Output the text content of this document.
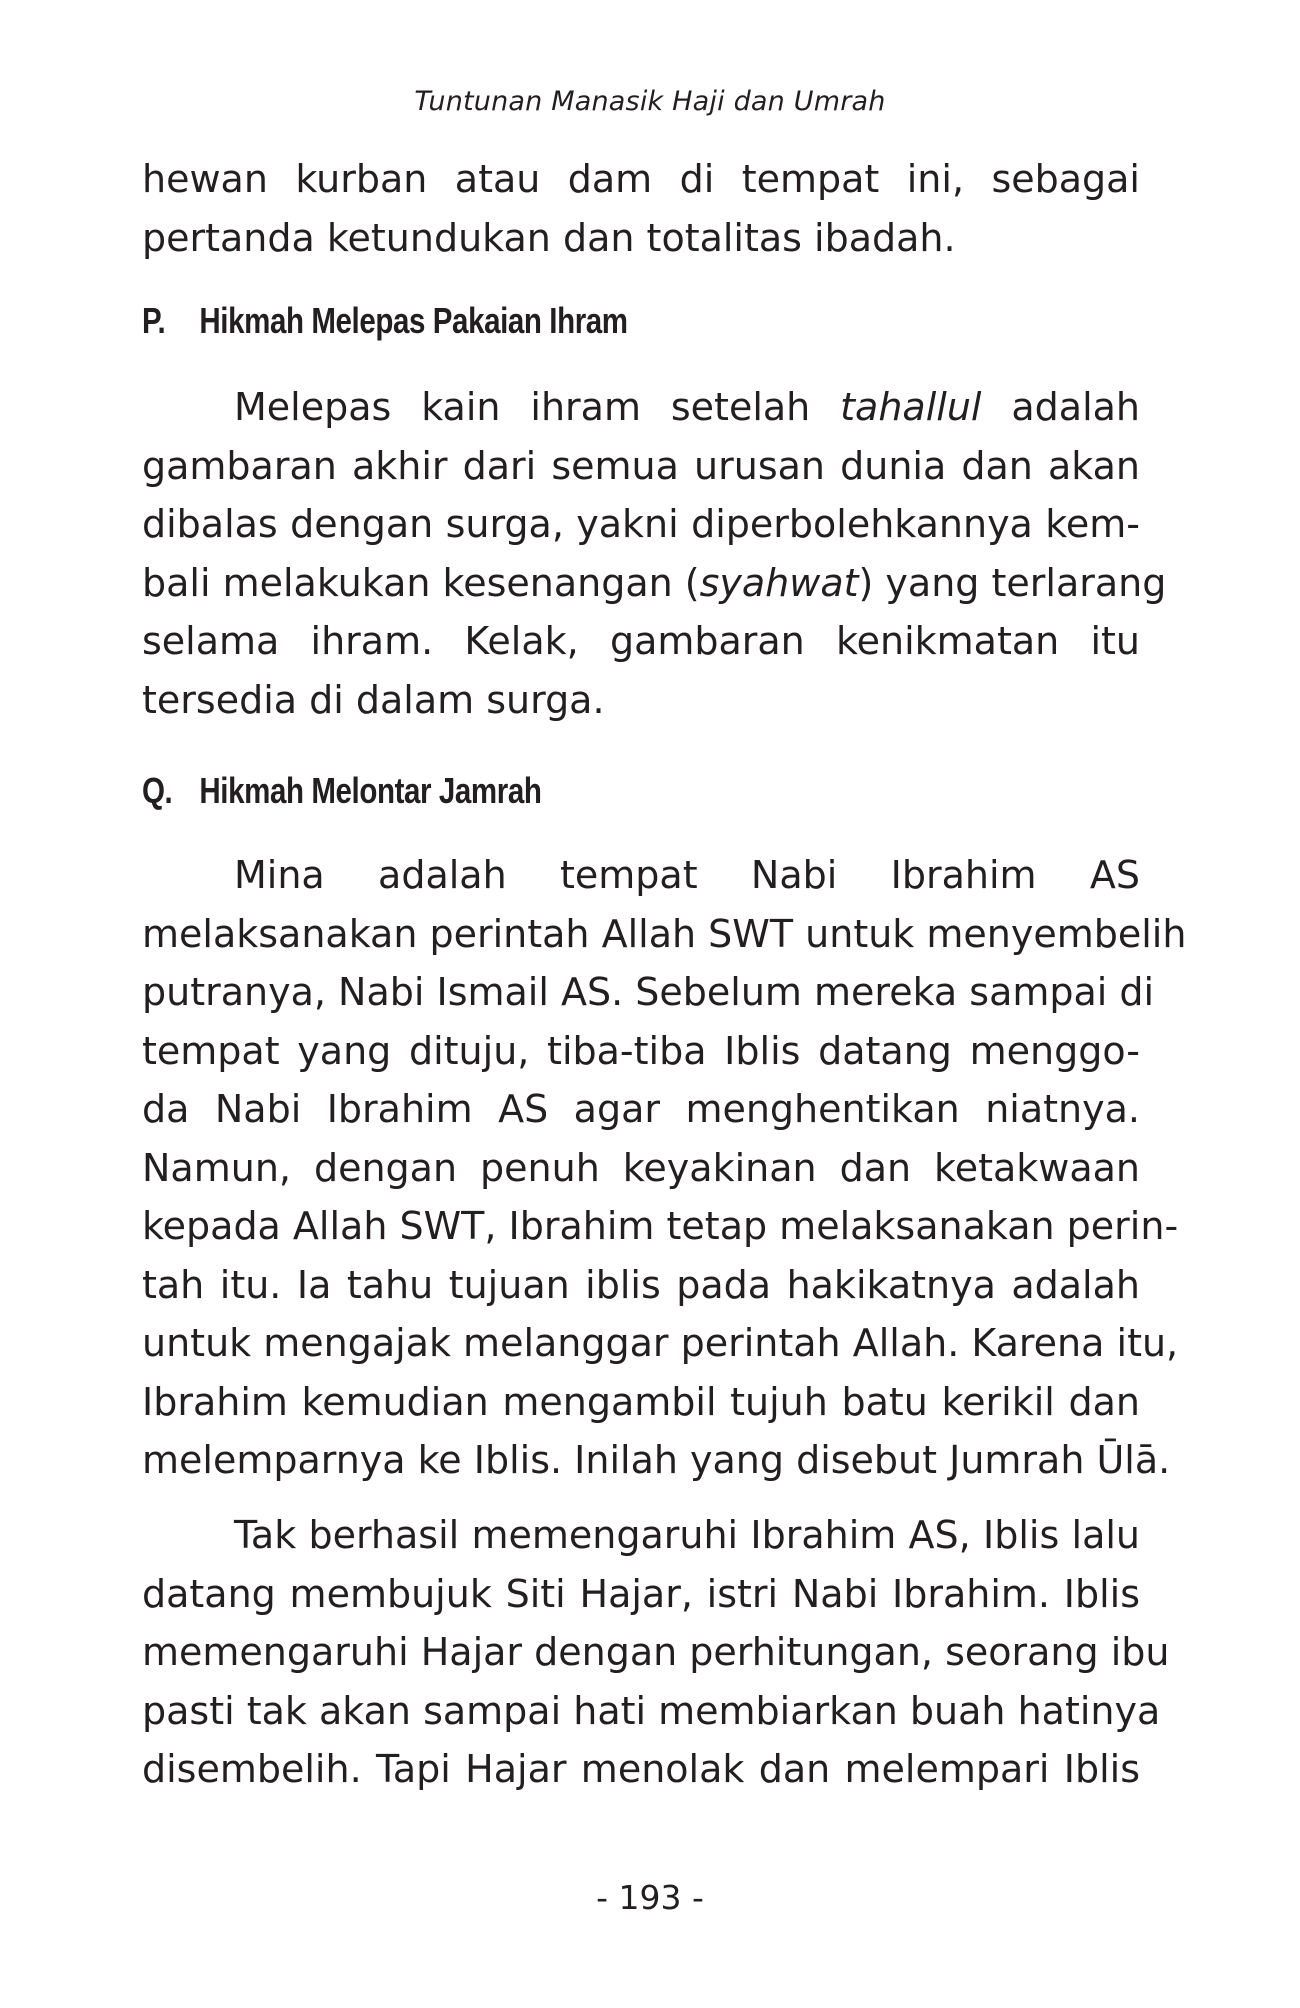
Tuntunan Manasik Haji dan Umrah
hewan kurban atau dam di tempat ini, sebagai
pertanda ketundukan dan totalitas ibadah.
P. Hikmah Melepas Pakaian Ihram
Melepas kain ihram setelah tahallul adalah
gambaran akhir dari semua urusan dunia dan akan
dibalas dengan surga, yakni diperbolehkannya kem-
bali melakukan kesenangan (syahwat) yang terlarang
selama ihram. Kelak, gambaran kenikmatan itu
tersedia di dalam surga.
Q. Hikmah Melontar Jamrah
Mina adalah tempat Nabi Ibrahim AS
melaksanakan perintah Allah SWT untuk menyembelih
putranya, Nabi Ismail AS. Sebelum mereka sampai di
tempat yang dituju, tiba-tiba Iblis datang menggo-
da Nabi Ibrahim AS agar menghentikan niatnya.
Namun, dengan penuh keyakinan dan ketakwaan
kepada Allah SWT, Ibrahim tetap melaksanakan perin-
tah itu. Ia tahu tujuan iblis pada hakikatnya adalah
untuk mengajak melanggar perintah Allah. Karena itu,
Ibrahim kemudian mengambil tujuh batu kerikil dan
melemparnya ke Iblis. Inilah yang disebut Jumrah Ūlā.
Tak berhasil memengaruhi Ibrahim AS, Iblis lalu
datang membujuk Siti Hajar, istri Nabi Ibrahim. Iblis
memengaruhi Hajar dengan perhitungan, seorang ibu
pasti tak akan sampai hati membiarkan buah hatinya
disembelih. Tapi Hajar menolak dan melempari Iblis
- 193 -
